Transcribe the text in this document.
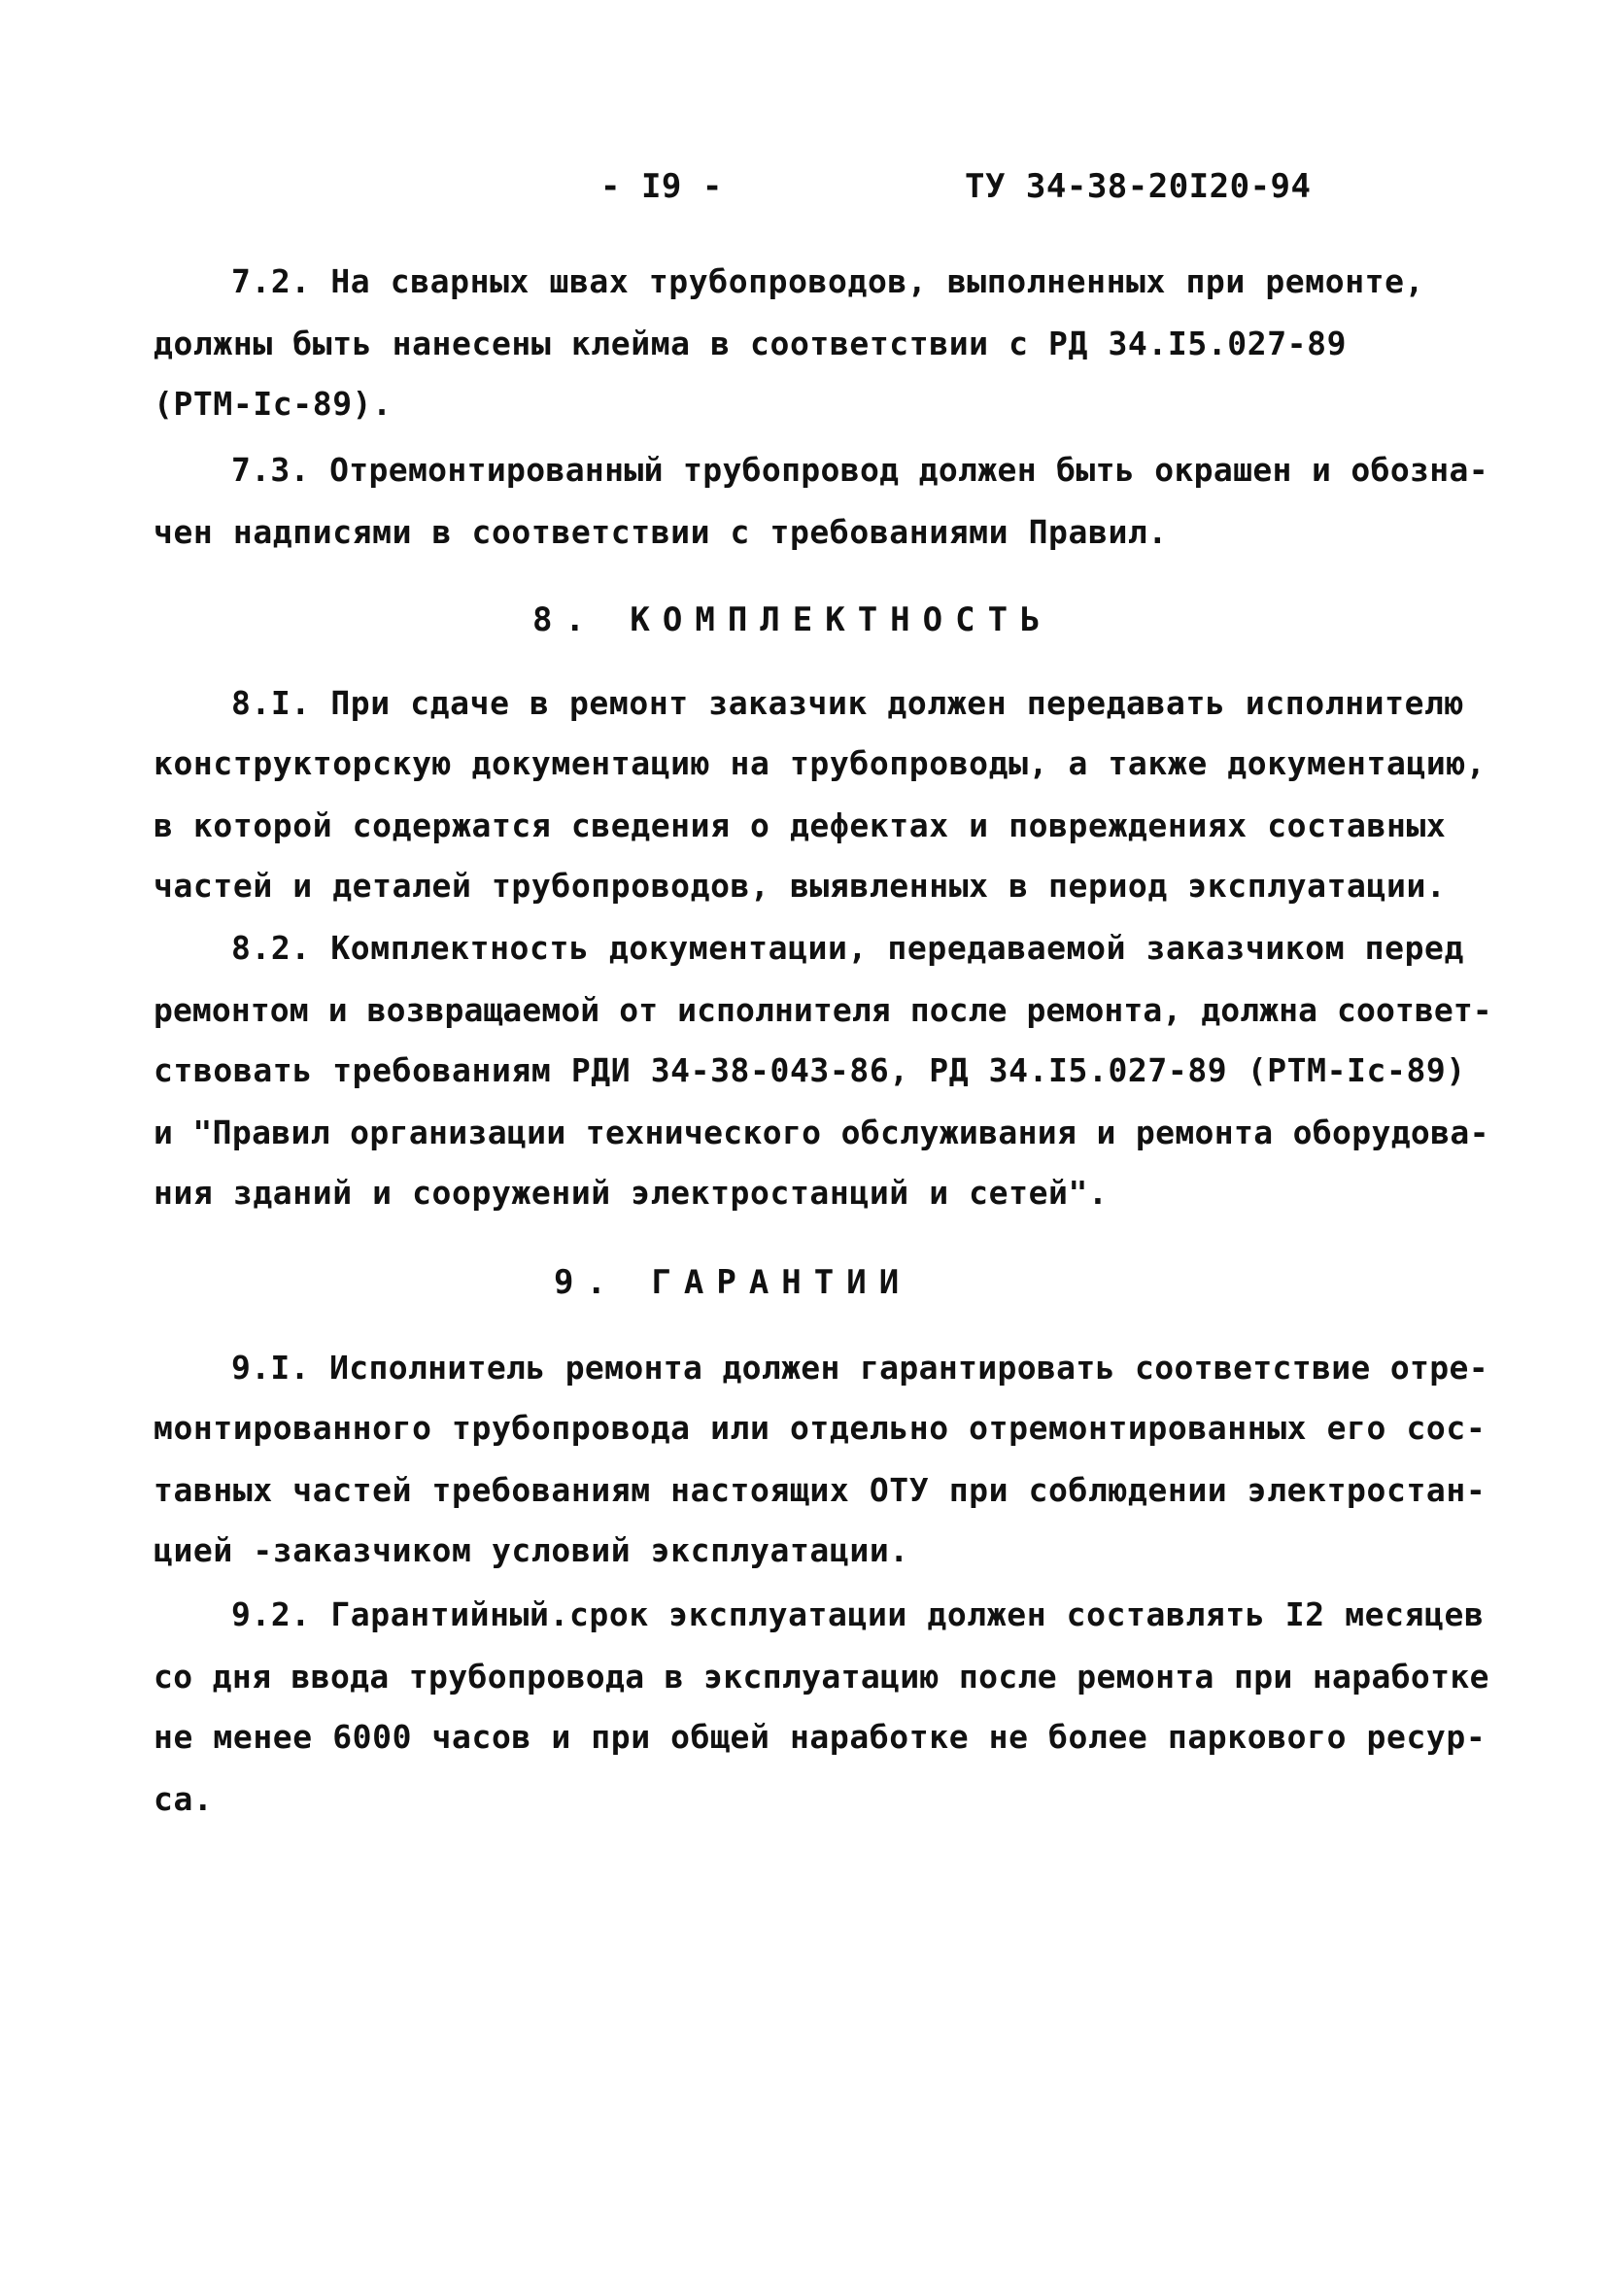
- I9 -	ТУ 34-38-20I20-94
7.2. На сварных швах трубопроводов, выполненных при ремонте,
должны быть нанесены клейма в соответствии с РД 34.I5.027-89
(РТМ-Iс-89).
7.3. Отремонтированный трубопровод должен быть окрашен и обозна-
чен надписями в соответствии с требованиями Правил.
8. КОМПЛЕКТНОСТЬ
8.I. При сдаче в ремонт заказчик должен передавать исполнителю
конструкторскую документацию на трубопроводы, а также документацию,
в которой содержатся сведения о дефектах и повреждениях составных
частей и деталей трубопроводов, выявленных в период эксплуатации.
8.2. Комплектность документации, передаваемой заказчиком перед
ремонтом и возвращаемой от исполнителя после ремонта, должна соответ-
ствовать требованиям РДИ 34-38-043-86, РД 34.I5.027-89 (РТМ-Iс-89)
и "Правил организации технического обслуживания и ремонта оборудова-
ния зданий и сооружений электростанций и сетей".
9. ГАРАНТИИ
9.I. Исполнитель ремонта должен гарантировать соответствие отре-
монтированного трубопровода или отдельно отремонтированных его сос-
тавных частей требованиям настоящих ОТУ при соблюдении электростан-
цией -заказчиком условий эксплуатации.
9.2. Гарантийный.срок эксплуатации должен составлять I2 месяцев
со дня ввода трубопровода в эксплуатацию после ремонта при наработке
не менее 6000 часов и при общей наработке не более паркового ресур-
са.
